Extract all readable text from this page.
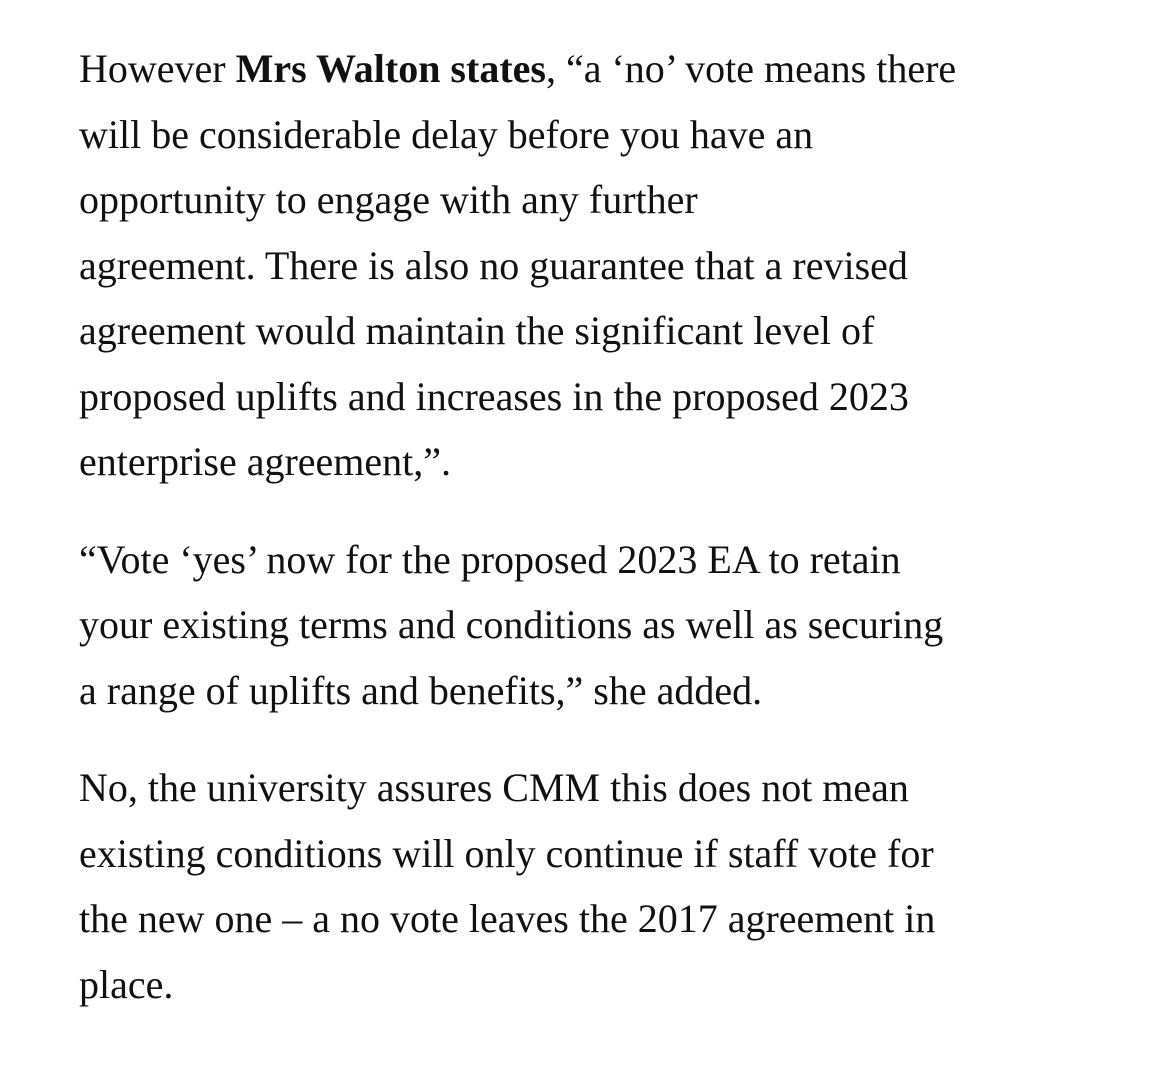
However Mrs Walton states, “a ‘no’ vote means there
will be considerable delay before you have an
opportunity to engage with any further
agreement. There is also no guarantee that a revised
agreement would maintain the significant level of
proposed uplifts and increases in the proposed 2023
enterprise agreement,”.

“Vote ‘yes’ now for the proposed 2023 EA to retain
your existing terms and conditions as well as securing
a range of uplifts and benefits,” she added.

No, the university assures CMM this does not mean
existing conditions will only continue if staff vote for
the new one – a no vote leaves the 2017 agreement in
place.
